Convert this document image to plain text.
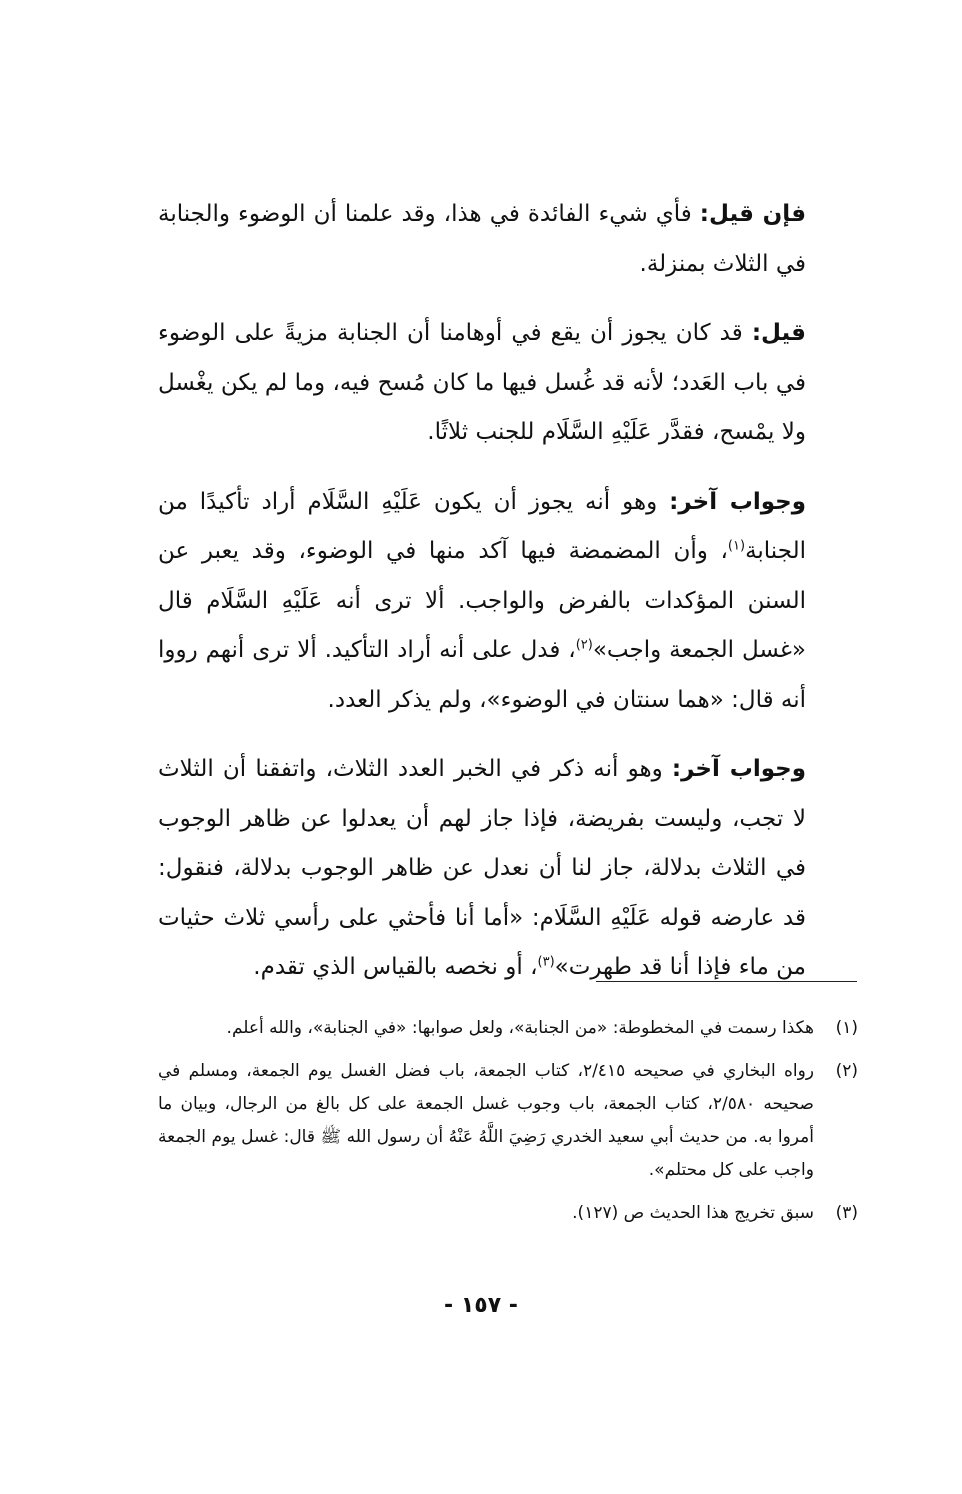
فإن قيل: فأي شيء الفائدة في هذا، وقد علمنا أن الوضوء والجنابة في الثلاث بمنزلة.

قيل: قد كان يجوز أن يقع في أوهامنا أن الجنابة مزيةً على الوضوء في باب العَدد؛ لأنه قد غُسل فيها ما كان مُسح فيه، وما لم يكن يغْسل ولا يمْسح، فقدَّر عَلَيْهِ السَّلَام للجنب ثلاثًا.

وجواب آخر: وهو أنه يجوز أن يكون عَلَيْهِ السَّلَام أراد تأكيدًا من الجنابة$^{(١)}$، وأن المضمضة فيها آكد منها في الوضوء، وقد يعبر عن السنن المؤكدات بالفرض والواجب. ألا ترى أنه عَلَيْهِ السَّلَام قال «غسل الجمعة واجب»$^{(٢)}$، فدل على أنه أراد التأكيد. ألا ترى أنهم رووا أنه قال: «هما سنتان في الوضوء»، ولم يذكر العدد.

وجواب آخر: وهو أنه ذكر في الخبر العدد الثلاث، واتفقنا أن الثلاث لا تجب، وليست بفريضة، فإذا جاز لهم أن يعدلوا عن ظاهر الوجوب في الثلاث بدلالة، جاز لنا أن نعدل عن ظاهر الوجوب بدلالة، فنقول: قد عارضه قوله عَلَيْهِ السَّلَام: «أما أنا فأحثي على رأسي ثلاث حثيات من ماء فإذا أنا قد طهرت»$^{(٣)}$، أو نخصه بالقياس الذي تقدم.

(١)
هكذا رسمت في المخطوطة: «من الجنابة»، ولعل صوابها: «في الجنابة»، والله أعلم.
(٢)
رواه البخاري في صحيحه ٢/٤١٥، كتاب الجمعة، باب فضل الغسل يوم الجمعة، ومسلم في صحيحه ٢/٥٨٠، كتاب الجمعة، باب وجوب غسل الجمعة على كل بالغ من الرجال، وبيان ما أمروا به. من حديث أبي سعيد الخدري رَضِيَ اللَّهُ عَنْهُ أن رسول الله ﷺ قال: غسل يوم الجمعة واجب على كل محتلم».
(٣)
سبق تخريج هذا الحديث ص (١٢٧).
- ١٥٧ -
